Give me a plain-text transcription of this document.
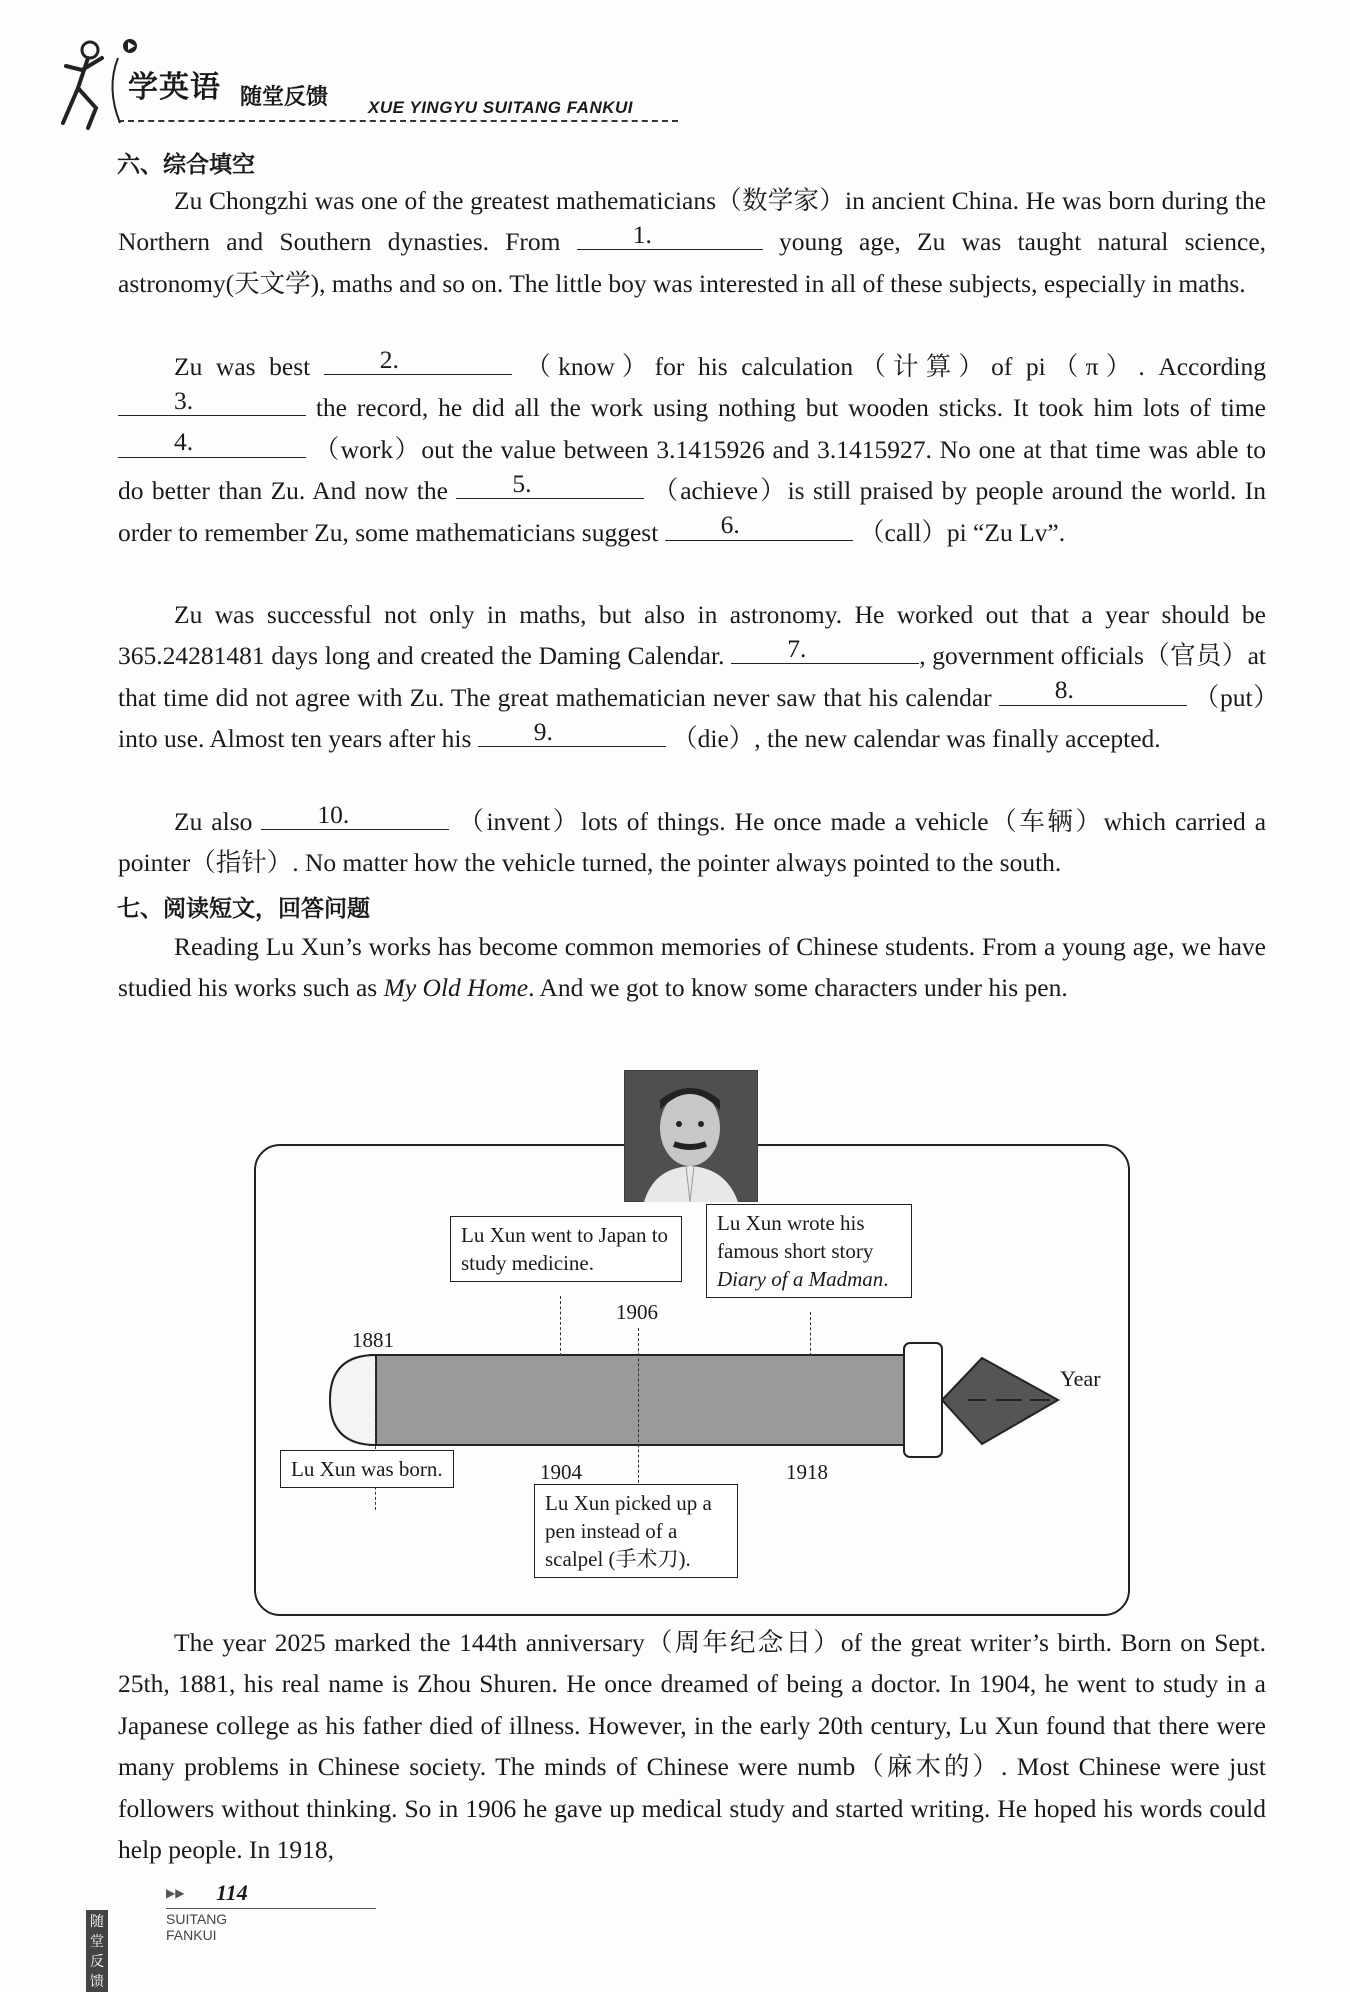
学英语 随堂反馈 XUE YINGYU SUITANG FANKUI
六、综合填空

Zu Chongzhi was one of the greatest mathematicians（数学家）in ancient China. He was born during the Northern and Southern dynasties. From	1.	young age, Zu was taught natural science, astronomy(天文学), maths and so on. The little boy was interested in all of these subjects, especially in maths.

Zu was best	2.	（know）for his calculation（计算）of pi（π）. According
3.	the record, he did all the work using nothing but wooden sticks. It took him lots of time
4.	（work）out the value between 3.1415926 and 3.1415927. No one at that time was able to do better than Zu. And now the	5.	（achieve）is still praised by people around the world. In order to remember Zu, some mathematicians suggest	6.	（call）pi “Zu Lv”.

Zu was successful not only in maths, but also in astronomy. He worked out that a year should be 365.24281481 days long and created the Daming Calendar.	7.	, government officials（官员）at that time did not agree with Zu. The great mathematician never saw that his calendar	8.	（put）into use. Almost ten years after his	9.	（die）, the new calendar was finally accepted.

Zu also	10.	（invent）lots of things. He once made a vehicle（车辆）which carried a pointer（指针）. No matter how the vehicle turned, the pointer always pointed to the south.

七、阅读短文，回答问题

Reading Lu Xun’s works has become common memories of Chinese students. From a young age, we have studied his works such as My Old Home. And we got to know some characters under his pen.

Year
1881
Lu Xun was born.
Lu Xun went to Japan to study medicine.
1904
1906
Lu Xun picked up a pen instead of a scalpel (手术刀).
Lu Xun wrote his famous short story Diary of a Madman.
1918

The year 2025 marked the 144th anniversary（周年纪念日）of the great writer’s birth. Born on Sept. 25th, 1881, his real name is Zhou Shuren. He once dreamed of being a doctor. In 1904, he went to study in a Japanese college as his father died of illness. However, in the early 20th century, Lu Xun found that there were many problems in Chinese society. The minds of Chinese were numb（麻木的）. Most Chinese were just followers without thinking. So in 1906 he gave up medical study and started writing. He hoped his words could help people. In 1918,

▶▶ 114
随堂反馈
SUITANG FANKUI
